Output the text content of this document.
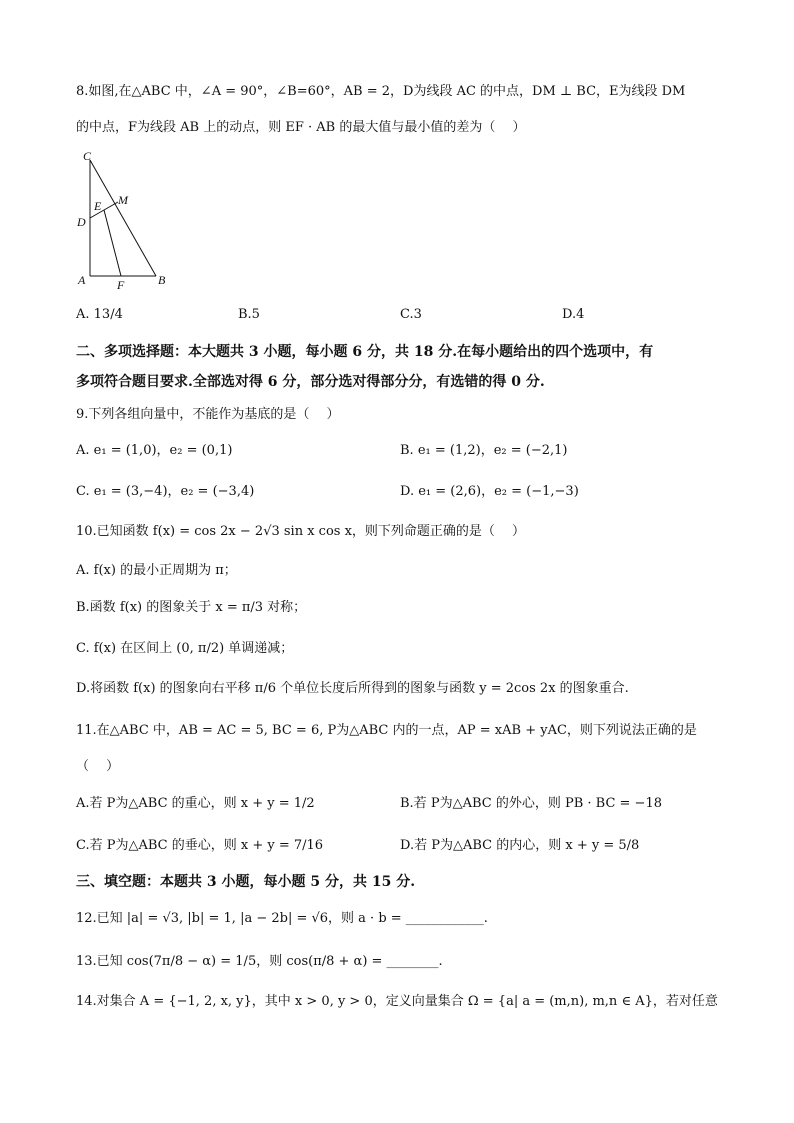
8.如图,在△ABC 中，∠A = 90°，∠B=60°，AB = 2，D为线段 AC 的中点，DM ⊥ BC，E为线段 DM
的中点，F为线段 AB 上的动点，则 EF · AB 的最大值与最小值的差为（　 ）
C
D
E M
A	F	B
A. 13/4	B.5	C.3	D.4
二、多项选择题：本大题共 3 小题，每小题 6 分，共 18 分.在每小题给出的四个选项中，有
多项符合题目要求.全部选对得 6 分，部分选对得部分分，有选错的得 0 分.
9.下列各组向量中，不能作为基底的是（　 ）
A. e₁ = (1,0)，e₂ = (0,1)	B. e₁ = (1,2)，e₂ = (−2,1)
C. e₁ = (3,−4)，e₂ = (−3,4)	D. e₁ = (2,6)，e₂ = (−1,−3)
10.已知函数 f(x) = cos 2x − 2√3 sin x cos x，则下列命题正确的是（　 ）
A. f(x) 的最小正周期为 π；
B.函数 f(x) 的图象关于 x = π/3 对称；
C. f(x) 在区间上 (0, π/2) 单调递减；
D.将函数 f(x) 的图象向右平移 π/6 个单位长度后所得到的图象与函数 y = 2cos 2x 的图象重合.
11.在△ABC 中，AB = AC = 5, BC = 6, P为△ABC 内的一点，AP = xAB + yAC，则下列说法正确的是
（　 ）
A.若 P为△ABC 的重心，则 x + y = 1/2	B.若 P为△ABC 的外心，则 PB · BC = −18
C.若 P为△ABC 的垂心，则 x + y = 7/16	D.若 P为△ABC 的内心，则 x + y = 5/8
三、填空题：本题共 3 小题，每小题 5 分，共 15 分.
12.已知 |a| = √3, |b| = 1, |a − 2b| = √6，则 a · b = ____________.
13.已知 cos(7π/8 − α) = 1/5，则 cos(π/8 + α) = ________.
14.对集合 A = {−1, 2, x, y}，其中 x > 0, y > 0，定义向量集合 Ω = {a| a = (m,n), m,n ∈ A}，若对任意
